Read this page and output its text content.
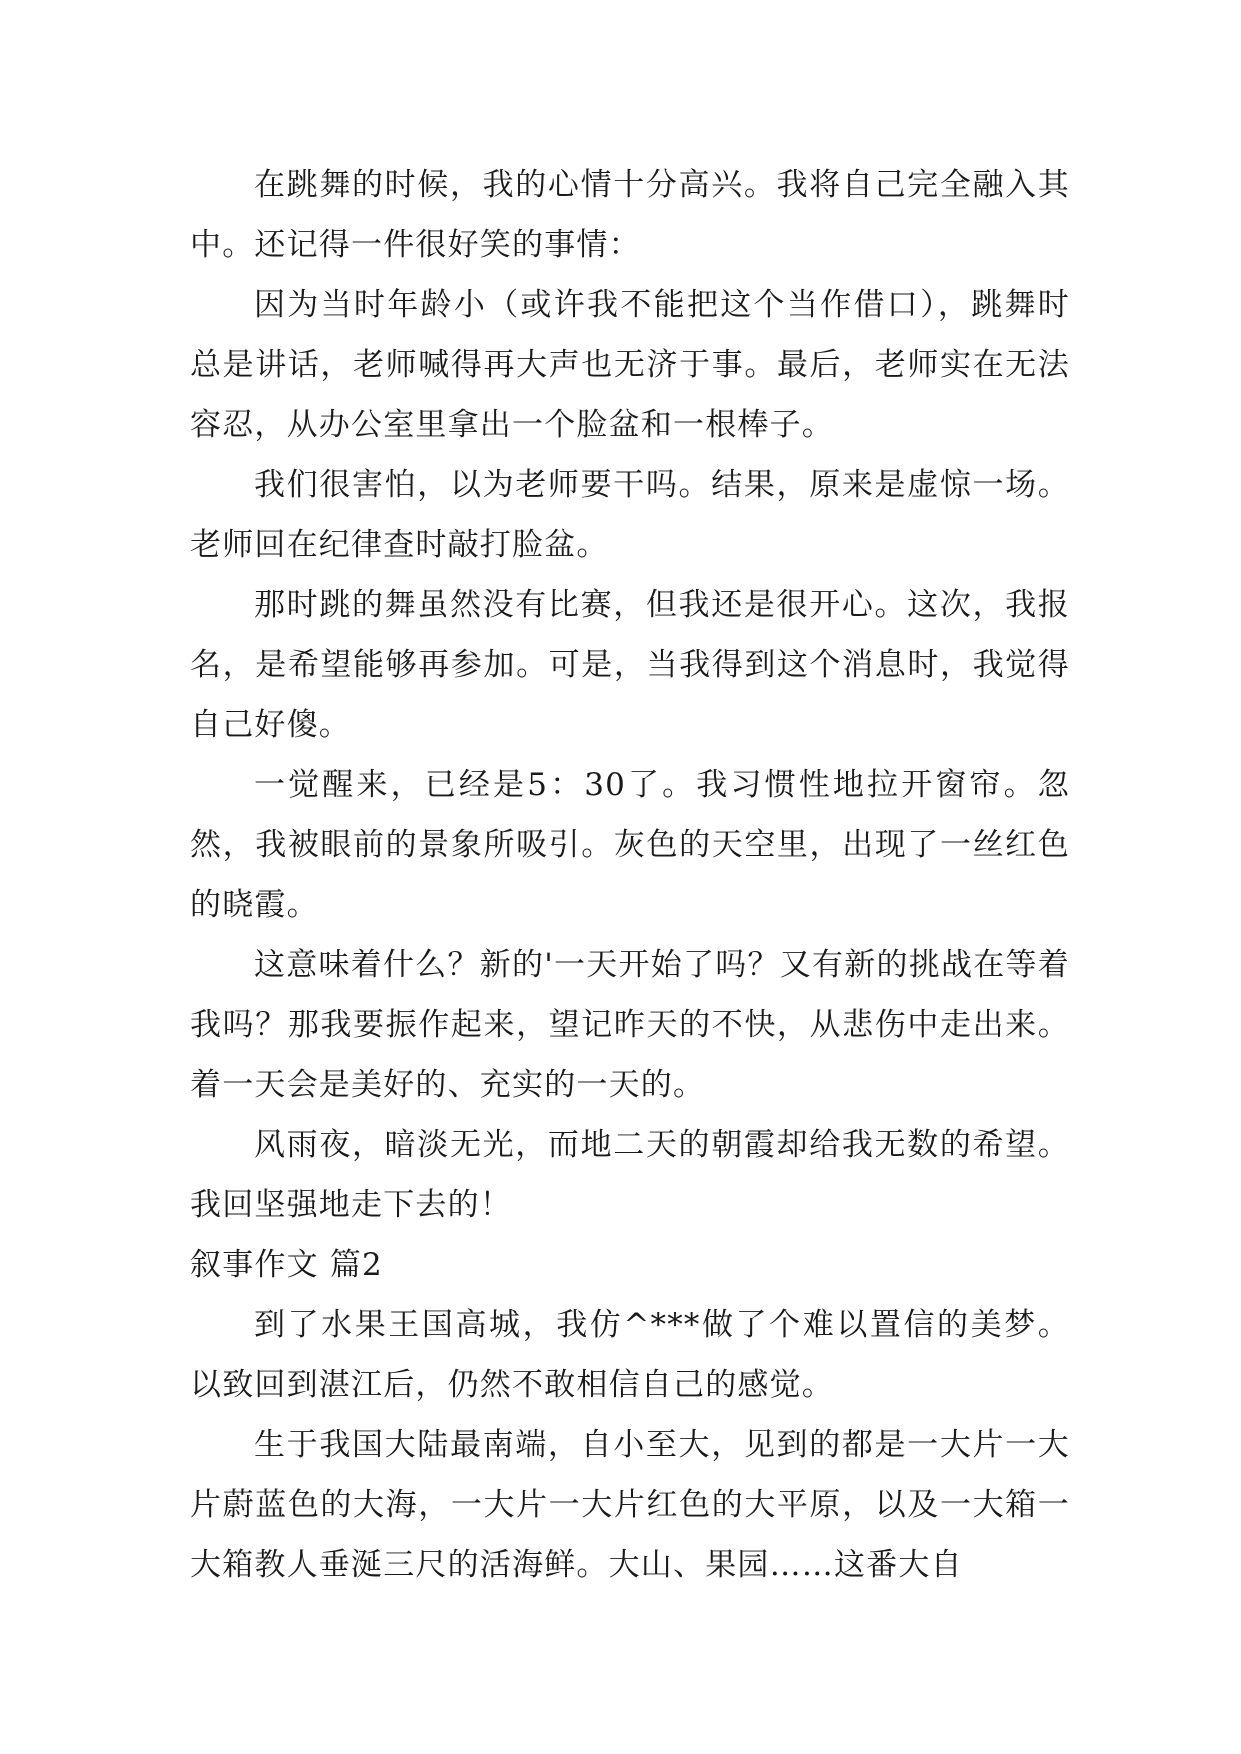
在跳舞的时候，我的心情十分高兴。我将自己完全融入其中。还记得一件很好笑的事情：

因为当时年龄小（或许我不能把这个当作借口），跳舞时总是讲话，老师喊得再大声也无济于事。最后，老师实在无法容忍，从办公室里拿出一个脸盆和一根棒子。

我们很害怕，以为老师要干吗。结果，原来是虚惊一场。老师回在纪律查时敲打脸盆。

那时跳的舞虽然没有比赛，但我还是很开心。这次，我报名，是希望能够再参加。可是，当我得到这个消息时，我觉得自己好傻。

一觉醒来，已经是5：30了。我习惯性地拉开窗帘。忽然，我被眼前的景象所吸引。灰色的天空里，出现了一丝红色的晓霞。

这意味着什么？新的'一天开始了吗？又有新的挑战在等着我吗？那我要振作起来，望记昨天的不快，从悲伤中走出来。着一天会是美好的、充实的一天的。

风雨夜，暗淡无光，而地二天的朝霞却给我无数的希望。我回坚强地走下去的！

叙事作文 篇2

到了水果王国高城，我仿^***做了个难以置信的美梦。以致回到湛江后，仍然不敢相信自己的感觉。

生于我国大陆最南端，自小至大，见到的都是一大片一大片蔚蓝色的大海，一大片一大片红色的大平原，以及一大箱一大箱教人垂涎三尺的活海鲜。大山、果园……这番大自
